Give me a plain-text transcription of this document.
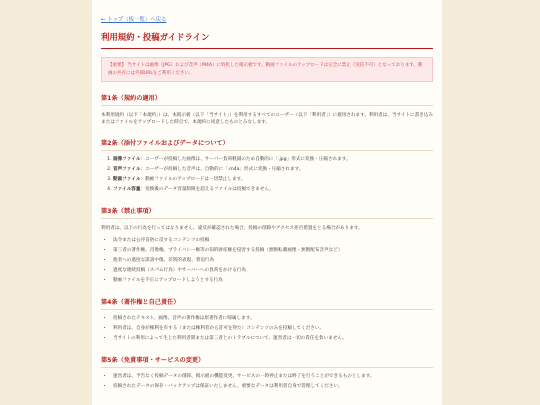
← トップ（板一覧）へ戻る
利用規約・投稿ガイドライン
【重要】 当サイトは画像（JPG）および音声（M4A）に特化した掲示板です。動画ファイルのアップロードは完全に禁止（送信不可）となっております。動画の共有には外部URLをご利用ください。
第1条（規約の適用）

本利用規約（以下「本規約」）は、本掲示板（以下「当サイト」）を利用するすべてのユーザー（以下「利用者」）に適用されます。利用者は、当サイトに書き込みまたはファイルをアップロードした時点で、本規約に同意したものとみなします。

第2条（添付ファイルおよびデータについて）
1. 画像ファイル：ユーザーが投稿した画像は、サーバー負荷軽減のため自動的に「.jpg」形式に変換・圧縮されます。
2. 音声ファイル：ユーザーが投稿した音声は、自動的に「.m4a」形式に変換・圧縮されます。
3. 動画ファイル：動画ファイルのアップロードは一切禁止します。
4. ファイル容量：変換後のデータ容量制限を超えるファイルは投稿できません。
第3条（禁止事項）

利用者は、以下の行為を行ってはなりません。違反が確認された場合、投稿の削除やアクセス拒否措置をとる場合があります。

• 法令または公序良俗に反するコンテンツの投稿
• 第三者の著作権、肖像権、プライバシー権等の知的財産権を侵害する投稿（無断転載画像・無断配布音声など）
• 他者への過度な誹謗中傷、差別的表現、脅迫行為
• 過度な連続投稿（スパム行為）やサーバーへの負荷をかける行為
• 動画ファイルを不正にアップロードしようとする行為
第4条（著作権と自己責任）
• 投稿されたテキスト、画像、音声の著作権は原著作者に帰属します。
• 利用者は、自身が権利を有する（または権利者から許可を得た）コンテンツのみを投稿してください。
• 当サイトの利用によって生じた利用者間または第三者とのトラブルについて、運営者は一切の責任を負いません。
第5条（免責事項・サービスの変更）
• 運営者は、予告なく投稿データの削除、掲示板の機能変更、サービスの一時停止または終了を行うことができるものとします。
• 投稿されたデータの保存・バックアップは保証いたしません。重要なデータは利用者自身で管理してください。
